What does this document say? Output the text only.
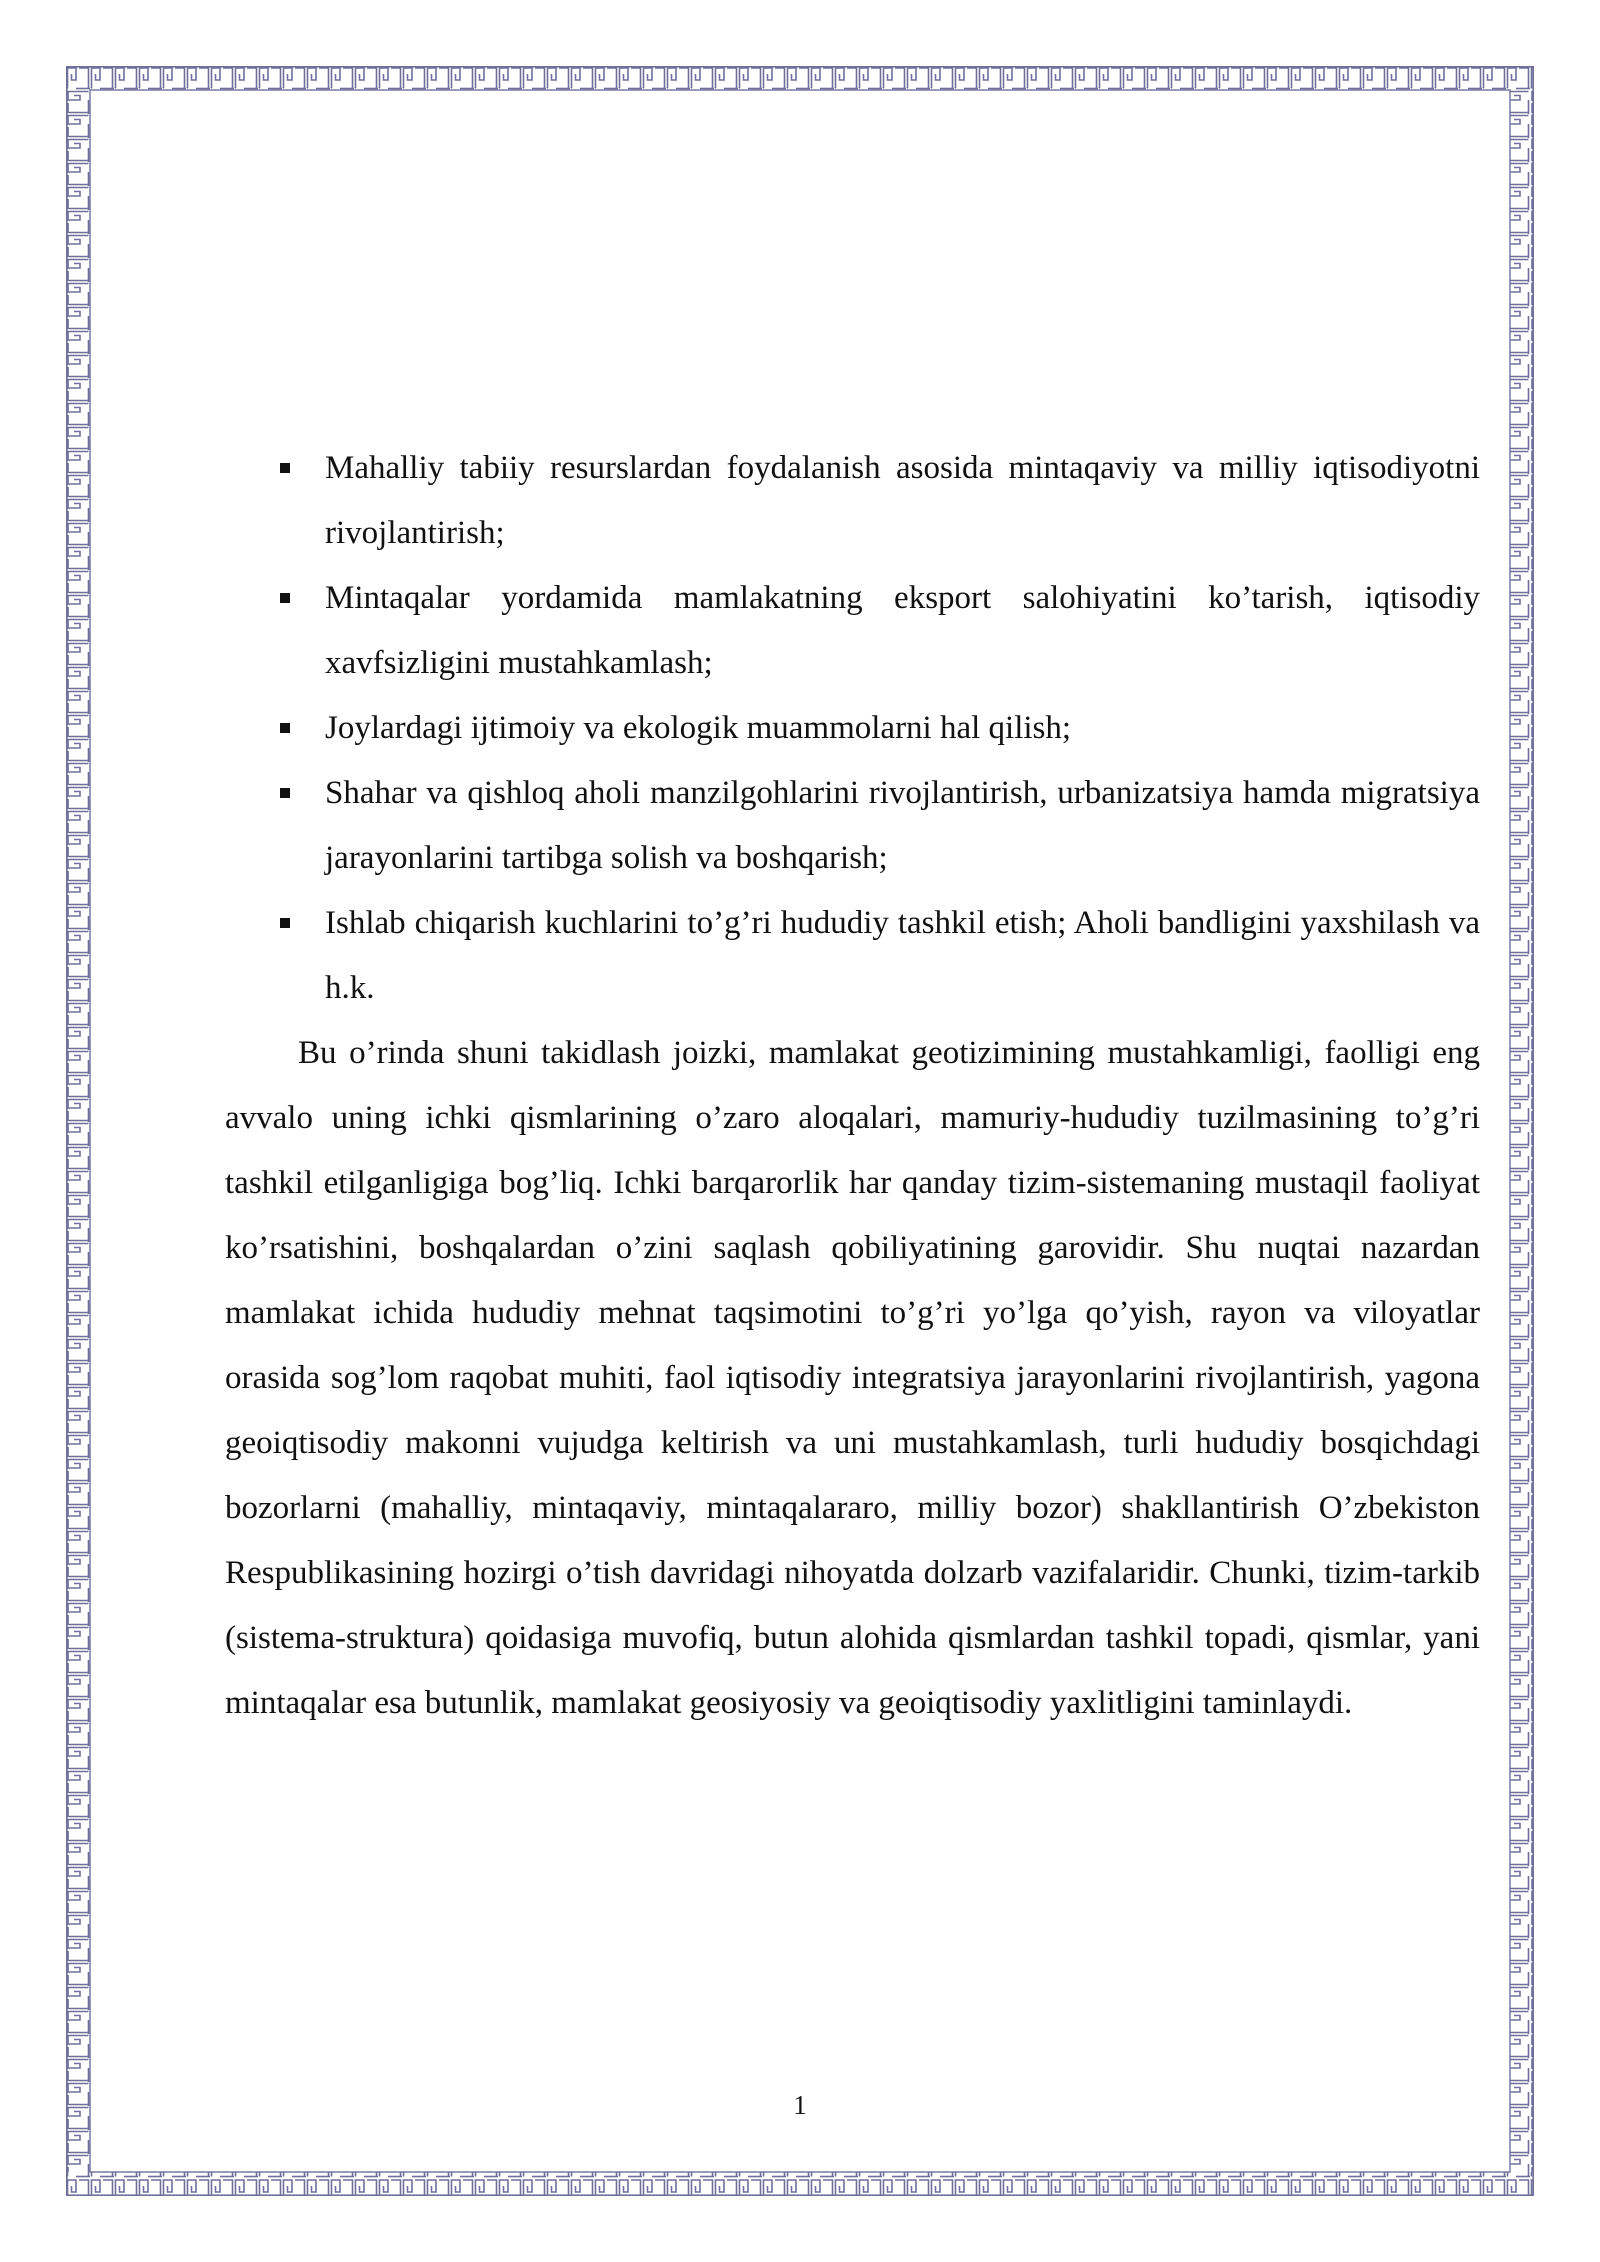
Mahalliy tabiiy resurslardan foydalanish asosida mintaqaviy va milliy iqtisodiyotni rivojlantirish;
Mintaqalar yordamida mamlakatning eksport salohiyatini ko’tarish, iqtisodiy xavfsizligini mustahkamlash;
Joylardagi ijtimoiy va ekologik muammolarni hal qilish;
Shahar va qishloq aholi manzilgohlarini rivojlantirish, urbanizatsiya hamda migratsiya jarayonlarini tartibga solish va boshqarish;
Ishlab chiqarish kuchlarini to’g’ri hududiy tashkil etish; Aholi bandligini yaxshilash va h.k.

Bu o’rinda shuni takidlash joizki, mamlakat geotizimining mustahkamligi, faolligi eng avvalo uning ichki qismlarining o’zaro aloqalari, mamuriy-hududiy tuzilmasining to’g’ri tashkil etilganligiga bog’liq. Ichki barqarorlik har qanday tizim-sistemaning mustaqil faoliyat ko’rsatishini, boshqalardan o’zini saqlash qobiliyatining garovidir. Shu nuqtai nazardan mamlakat ichida hududiy mehnat taqsimotini to’g’ri yo’lga qo’yish, rayon va viloyatlar orasida sog’lom raqobat muhiti, faol iqtisodiy integratsiya jarayonlarini rivojlantirish, yagona geoiqtisodiy makonni vujudga keltirish va uni mustahkamlash, turli hududiy bosqichdagi bozorlarni (mahalliy, mintaqaviy, mintaqalararo, milliy bozor) shakllantirish O’zbekiston Respublikasining hozirgi o’tish davridagi nihoyatda dolzarb vazifalaridir. Chunki, tizim-tarkib (sistema-struktura) qoidasiga muvofiq, butun alohida qismlardan tashkil topadi, qismlar, yani mintaqalar esa butunlik, mamlakat geosiyosiy va geoiqtisodiy yaxlitligini taminlaydi.

1
